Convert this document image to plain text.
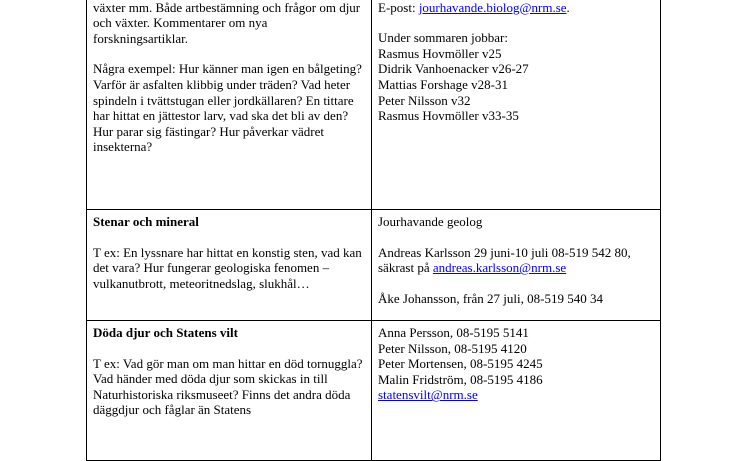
växter mm. Både artbestämning och frågor om djur och växter. Kommentarer om nya forskningsartiklar.

Några exempel: Hur känner man igen en bålgeting? Varför är asfalten klibbig under träden? Vad heter spindeln i tvättstugan eller jordkällaren? En tittare har hittat en jättestor larv, vad ska det bli av den? Hur parar sig fästingar? Hur påverkar vädret insekterna?

E-post: jourhavande.biolog@nrm.se.

Under sommaren jobbar:

Rasmus Hovmöller v25

Didrik Vanhoenacker v26-27

Mattias Forshage v28-31

Peter Nilsson v32

Rasmus Hovmöller v33-35

Stenar och mineral

T ex: En lyssnare har hittat en konstig sten, vad kan det vara? Hur fungerar geologiska fenomen – vulkanutbrott, meteoritnedslag, slukhål…

Jourhavande geolog

Andreas Karlsson 29 juni-10 juli 08-519 542 80, säkrast på andreas.karlsson@nrm.se

Åke Johansson, från 27 juli, 08-519 540 34

Döda djur och Statens vilt

T ex: Vad gör man om man hittar en död tornuggla? Vad händer med döda djur som skickas in till Naturhistoriska riksmuseet? Finns det andra döda däggdjur och fåglar än Statens

Anna Persson, 08-5195 5141

Peter Nilsson, 08-5195 4120

Peter Mortensen, 08-5195 4245

Malin Fridström, 08-5195 4186

statensvilt@nrm.se
